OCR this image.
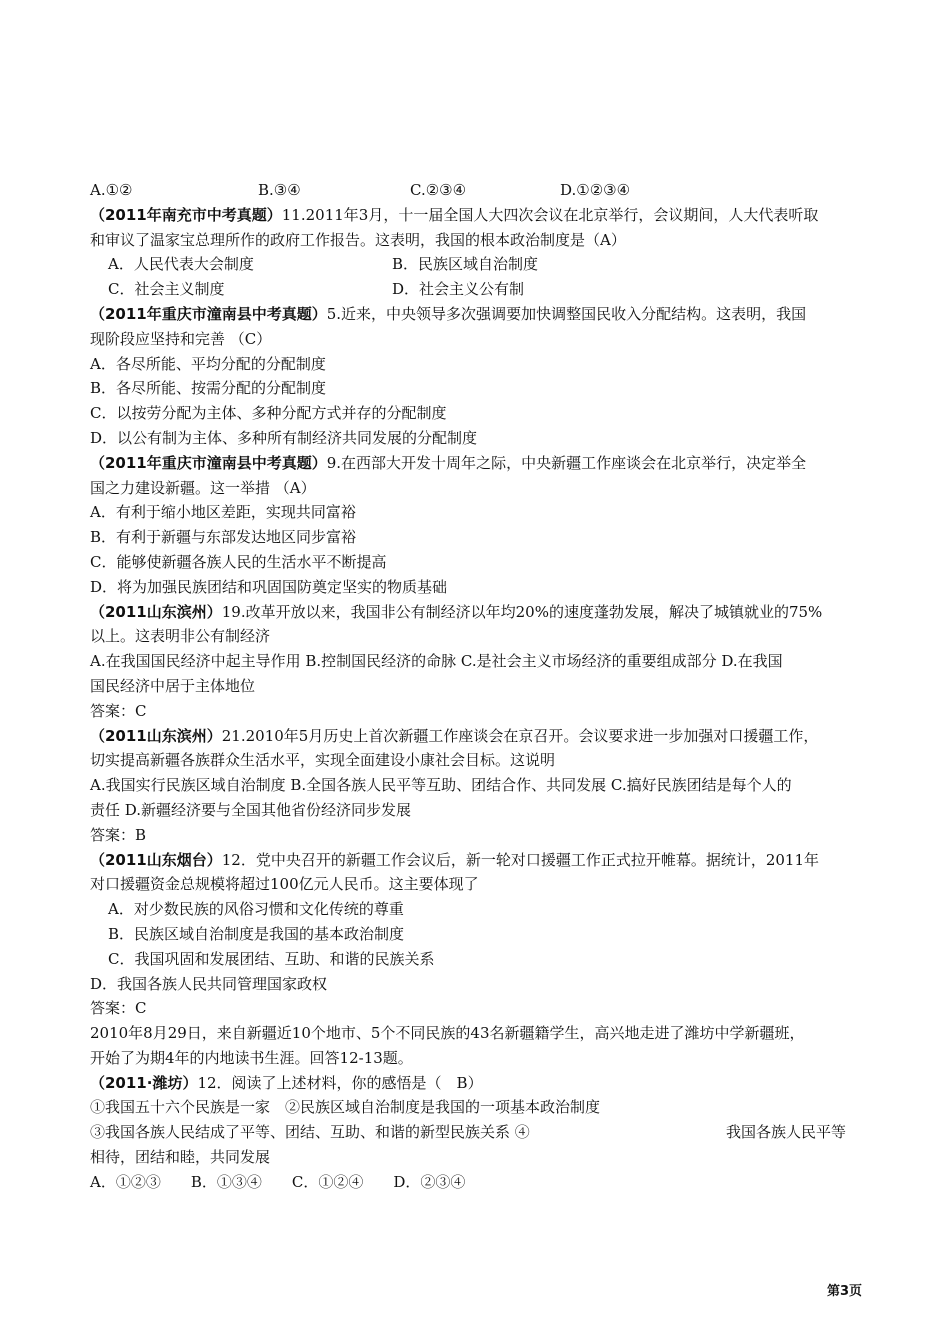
A.①②	B.③④	C.②③④	D.①②③④
（2011年南充市中考真题）11.2011年3月，十一届全国人大四次会议在北京举行，会议期间，人大代表听取
和审议了温家宝总理所作的政府工作报告。这表明，我国的根本政治制度是（A）
A．人民代表大会制度	B．民族区域自治制度
C．社会主义制度	D．社会主义公有制
（2011年重庆市潼南县中考真题）5.近来，中央领导多次强调要加快调整国民收入分配结构。这表明，我国
现阶段应坚持和完善 （C）
A．各尽所能、平均分配的分配制度
B．各尽所能、按需分配的分配制度
C．以按劳分配为主体、多种分配方式并存的分配制度
D．以公有制为主体、多种所有制经济共同发展的分配制度
（2011年重庆市潼南县中考真题）9.在西部大开发十周年之际，中央新疆工作座谈会在北京举行，决定举全
国之力建设新疆。这一举措 （A）
A．有利于缩小地区差距，实现共同富裕
B．有利于新疆与东部发达地区同步富裕
C．能够使新疆各族人民的生活水平不断提高
D．将为加强民族团结和巩固国防奠定坚实的物质基础
（2011山东滨州）19.改革开放以来，我国非公有制经济以年均20%的速度蓬勃发展，解决了城镇就业的75%
以上。这表明非公有制经济
A.在我国国民经济中起主导作用 B.控制国民经济的命脉 C.是社会主义市场经济的重要组成部分 D.在我国
国民经济中居于主体地位
答案：C
（2011山东滨州）21.2010年5月历史上首次新疆工作座谈会在京召开。会议要求进一步加强对口援疆工作，
切实提高新疆各族群众生活水平，实现全面建设小康社会目标。这说明
A.我国实行民族区域自治制度 B.全国各族人民平等互助、团结合作、共同发展 C.搞好民族团结是每个人的
责任 D.新疆经济要与全国其他省份经济同步发展
答案：B
（2011山东烟台）12．党中央召开的新疆工作会议后，新一轮对口援疆工作正式拉开帷幕。据统计，2011年
对口援疆资金总规模将超过100亿元人民币。这主要体现了
A．对少数民族的风俗习惯和文化传统的尊重
B．民族区域自治制度是我国的基本政治制度
C．我国巩固和发展团结、互助、和谐的民族关系
D．我国各族人民共同管理国家政权
答案：C
2010年8月29日，来自新疆近10个地市、5个不同民族的43名新疆籍学生，高兴地走进了潍坊中学新疆班，
开始了为期4年的内地读书生涯。回答12-13题。
（2011·潍坊）12．阅读了上述材料，你的感悟是（　B）
①我国五十六个民族是一家　②民族区域自治制度是我国的一项基本政治制度
③我国各族人民结成了平等、团结、互助、和谐的新型民族关系 ④	我国各族人民平等
相待，团结和睦，共同发展
A．①②③　　B．①③④　　C．①②④　　D．②③④
第3页
